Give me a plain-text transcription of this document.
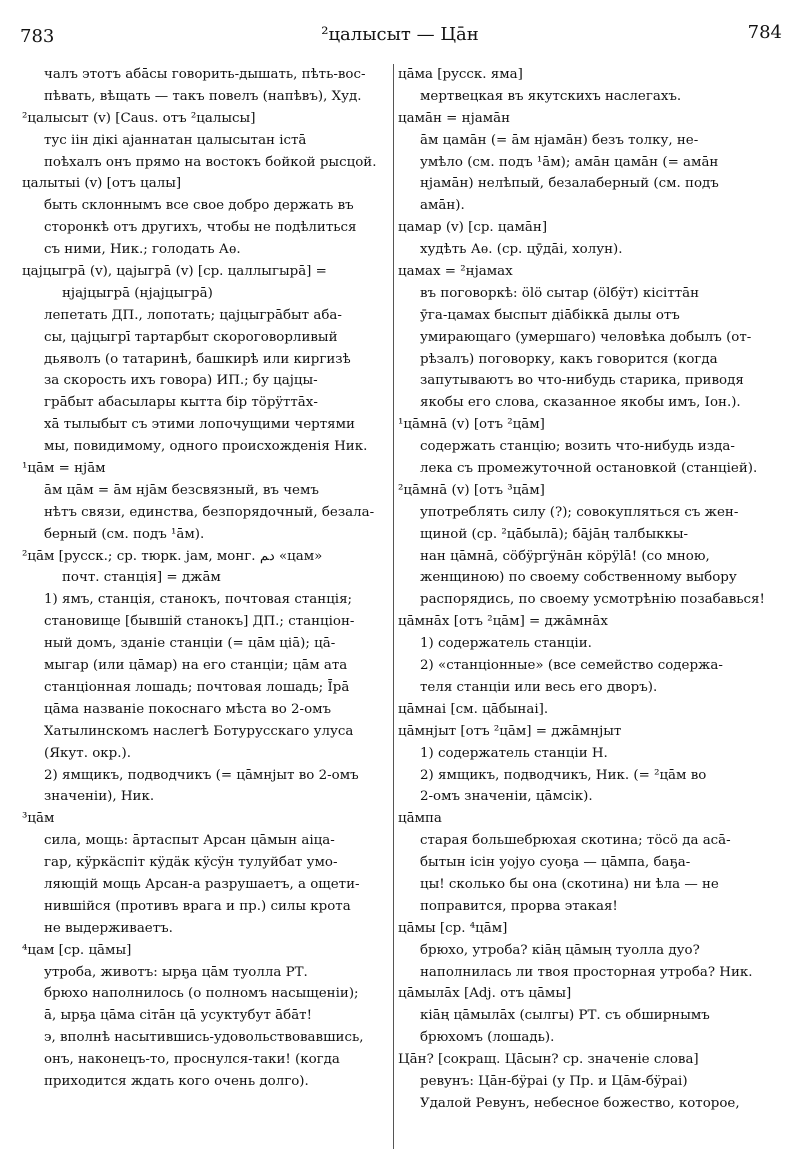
783	²цалысыт — Цāн	784
чалъ этотъ абāсы говорить-дышать, пѣть-вос-
пѣвать, вѣщать — такъ повелъ (напѣвъ), Худ.
²цалысыт (v) [Caus. отъ ²цалысы]
тус iiн дiкi аjаннатан цалысытан iстā
поѣхалъ онъ прямо на востокъ бойкой рысцой.
цалытыi (v) [отъ цалы]
быть склоннымъ все свое добро держать въ
сторонкѣ отъ другихъ, чтобы не подѣлиться
съ ними, Ник.; голодать Аѳ.
цаjцыгрā (v), цаjыгрā (v) [ср. цаллыгырā] =
нjаjцыгрā (нjаjцыгрā)
лепетать ДП., лопотать; цаjцыгрāбыт аба-
сы, цаjцыгрī тартарбыт скороговорливый
дьяволъ (о татаринѣ, башкирѣ или киргизѣ
за скорость ихъ говора) ИП.; бу цаjцы-
грāбыт абасылары кытта бiр тöрÿттāх-
хā тылыбыт съ этими лопочущими чертями
мы, повидимому, одного происхожденiя Ник.
¹цāм = нjāм
āм цāм = āм нjāм безсвязный, въ чемъ
нѣтъ связи, единства, безпорядочный, безала-
берный (см. подъ ¹āм).
²цāм [русск.; ср. тюрк. jам, монг. ﺩﻢ «цам»
почт. станцiя] = джāм
1) ямъ, станцiя, станокъ, почтовая станцiя;
становище [бывшiй станокъ] ДП.; станцiон-
ный домъ, зданiе станцiи (= цāм цiā); цā-
мыгар (или цāмар) на его станцiи; цāм ата
станцiонная лошадь; почтовая лошадь; Īрā
цāма названiе покоснаго мѣста во 2-омъ
Хатылинскомъ наслегѣ Ботурусскаго улуса
(Якут. окр.).
2) ямщикъ, подводчикъ (= цāмнjыт во 2-омъ
значенiи), Ник.
³цāм
сила, мощь: āртаспыт Арсан цāмын аiцa-
гар, кÿркäспiт кÿдäк кÿсÿн тулуйбат умо-
ляющiй мощь Арсан-а разрушаетъ, а ощети-
нившiйся (противъ врага и пр.) силы крота
не выдерживаетъ.
⁴цам [ср. цāмы]
утроба, животъ: ырҕа цāм туолла РТ.
брюхо наполнилось (о полномъ насыщенiи);
ā, ырҕа цāма сiтāн цā усуктубут āбāт!
э, вполнѣ насытившись-удовольствовавшись,
онъ, наконецъ-то, проснулся-таки! (когда
приходится ждать кого очень долго).
цāма [русск. яма]
мертвецкая въ якутскихъ наслегахъ.
цамāн = нjамāн
āм цамāн (= āм нjамāн) безъ толку, не-
умѣло (см. подъ ¹āм); амāн цамāн (= амāн
нjамāн) нелѣпый, безалаберный (см. подъ
амāн).
цамар (v) [ср. цамāн]
худѣть Аѳ. (ср. цӯдāi, холун).
цамах = ²нjамах
въ поговоркѣ: ölö сытар (ölбÿт) кiсiттāн
ӯга-цамах быспыт дiāбiккā дылы отъ
умирающаго (умершаго) человѣка добылъ (от-
рѣзалъ) поговорку, какъ говорится (когда
запутываютъ во что-нибудь старика, приводя
якобы его слова, сказанное якобы имъ, Іон.).
¹цāмнā (v) [отъ ²цāм]
содержать станцiю; возить что-нибудь изда-
лека съ промежуточной остановкой (станцiей).
²цāмнā (v) [отъ ³цāм]
употреблять силу (?); совокупляться съ жен-
щиной (ср. ²цāбылā); бājāң талбыккы-
нан цāмнā, сöбÿргÿнāн кöрÿlā! (со мною,
женщиною) по своему собственному выбору
распорядись, по своему усмотрѣнiю позабавься!
цāмнāх [отъ ²цāм] = джāмнāх
1) содержатель станцiи.
2) «станцiонные» (все семейство содержа-
теля станцiи или весь его дворъ).
цāмнаi [см. цāбынаi].
цāмнjыт [отъ ²цāм] = джāмнjыт
1) содержатель станцiи Н.
2) ямщикъ, подводчикъ, Ник. (= ²цāм во
2-омъ значенiи, цāмсiк).
цāмпа
старая большебрюхая скотина; тöсö да асā-
бытын iсiн уоjуо суоҕа — цāмпа, баҕа-
цы! сколько бы она (скотина) ни ѣла — не
поправится, прорва этакая!
цāмы [ср. ⁴цāм]
брюхо, утроба? кiāң цāмың туолла дуо?
наполнилась ли твоя просторная утроба? Ник.
цāмылāх [Adj. отъ цāмы]
кiāң цāмылāх (сылгы) РТ. съ обширнымъ
брюхомъ (лошадь).
Цāн? [сокращ. Цāсын? ср. значенiе слова]
ревунъ: Цāн-бÿраi (у Пр. и Цāм-бÿраi)
Удалой Ревунъ, небесное божество, которое,
